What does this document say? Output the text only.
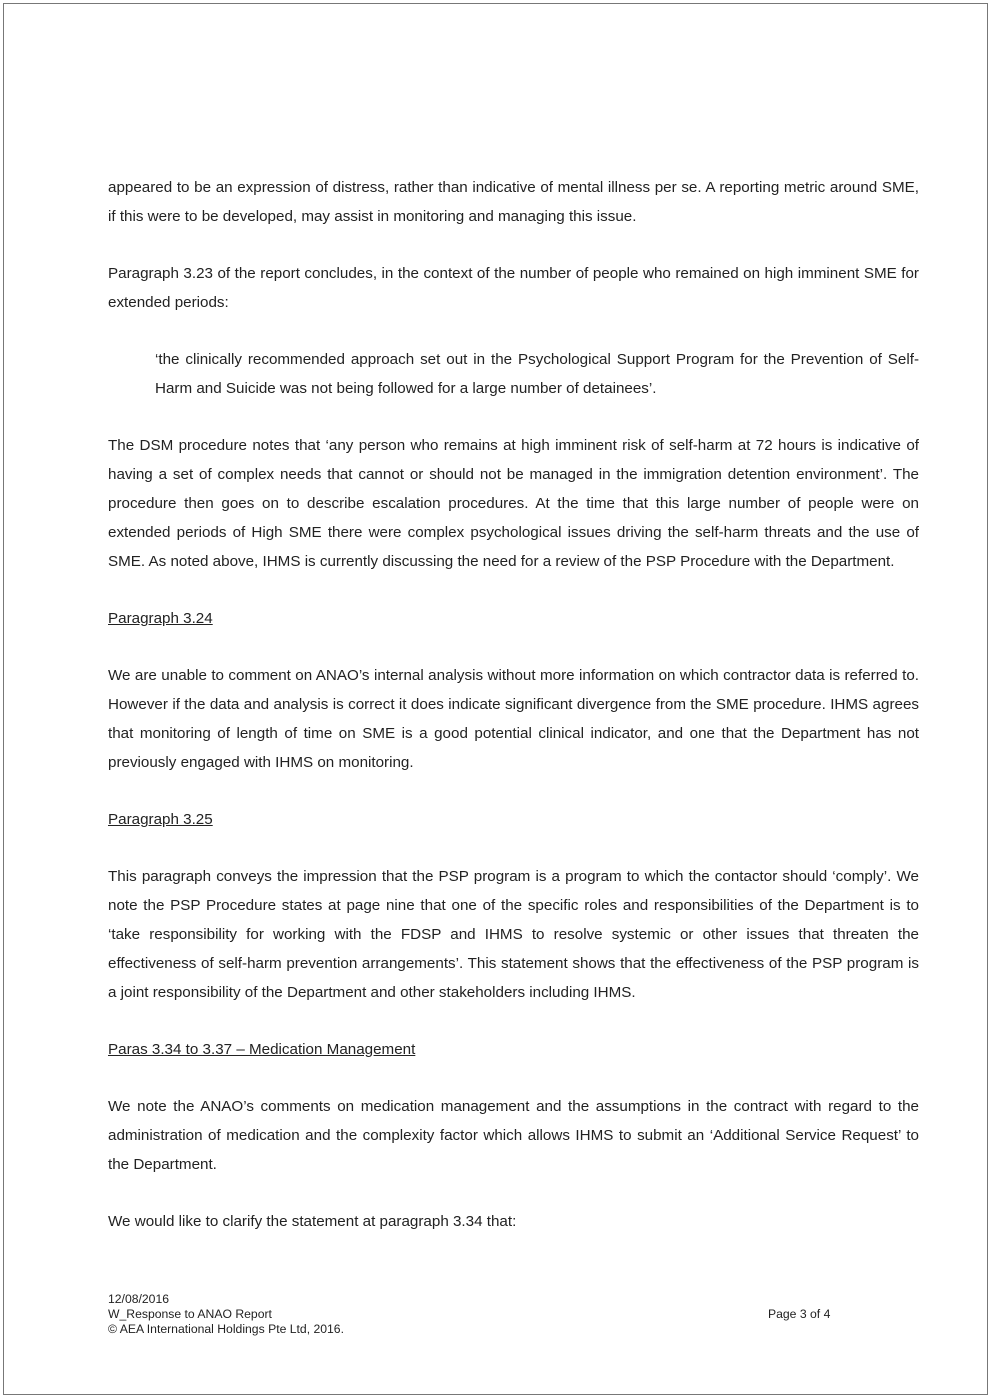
appeared to be an expression of distress, rather than indicative of mental illness per se. A reporting metric around SME, if this were to be developed, may assist in monitoring and managing this issue.

Paragraph 3.23 of the report concludes, in the context of the number of people who remained on high imminent SME for extended periods:

‘the clinically recommended approach set out in the Psychological Support Program for the Prevention of Self-Harm and Suicide was not being followed for a large number of detainees’.

The DSM procedure notes that ‘any person who remains at high imminent risk of self-harm at 72 hours is indicative of having a set of complex needs that cannot or should not be managed in the immigration detention environment’. The procedure then goes on to describe escalation procedures. At the time that this large number of people were on extended periods of High SME there were complex psychological issues driving the self-harm threats and the use of SME. As noted above, IHMS is currently discussing the need for a review of the PSP Procedure with the Department.

Paragraph 3.24

We are unable to comment on ANAO’s internal analysis without more information on which contractor data is referred to. However if the data and analysis is correct it does indicate significant divergence from the SME procedure. IHMS agrees that monitoring of length of time on SME is a good potential clinical indicator, and one that the Department has not previously engaged with IHMS on monitoring.

Paragraph 3.25

This paragraph conveys the impression that the PSP program is a program to which the contactor should ‘comply’. We note the PSP Procedure states at page nine that one of the specific roles and responsibilities of the Department is to ‘take responsibility for working with the FDSP and IHMS to resolve systemic or other issues that threaten the effectiveness of self-harm prevention arrangements’. This statement shows that the effectiveness of the PSP program is a joint responsibility of the Department and other stakeholders including IHMS.

Paras 3.34 to 3.37 – Medication Management

We note the ANAO’s comments on medication management and the assumptions in the contract with regard to the administration of medication and the complexity factor which allows IHMS to submit an ‘Additional Service Request’ to the Department.

We would like to clarify the statement at paragraph 3.34 that:

12/08/2016
W_Response to ANAO Report
© AEA International Holdings Pte Ltd, 2016.
Page 3 of 4
